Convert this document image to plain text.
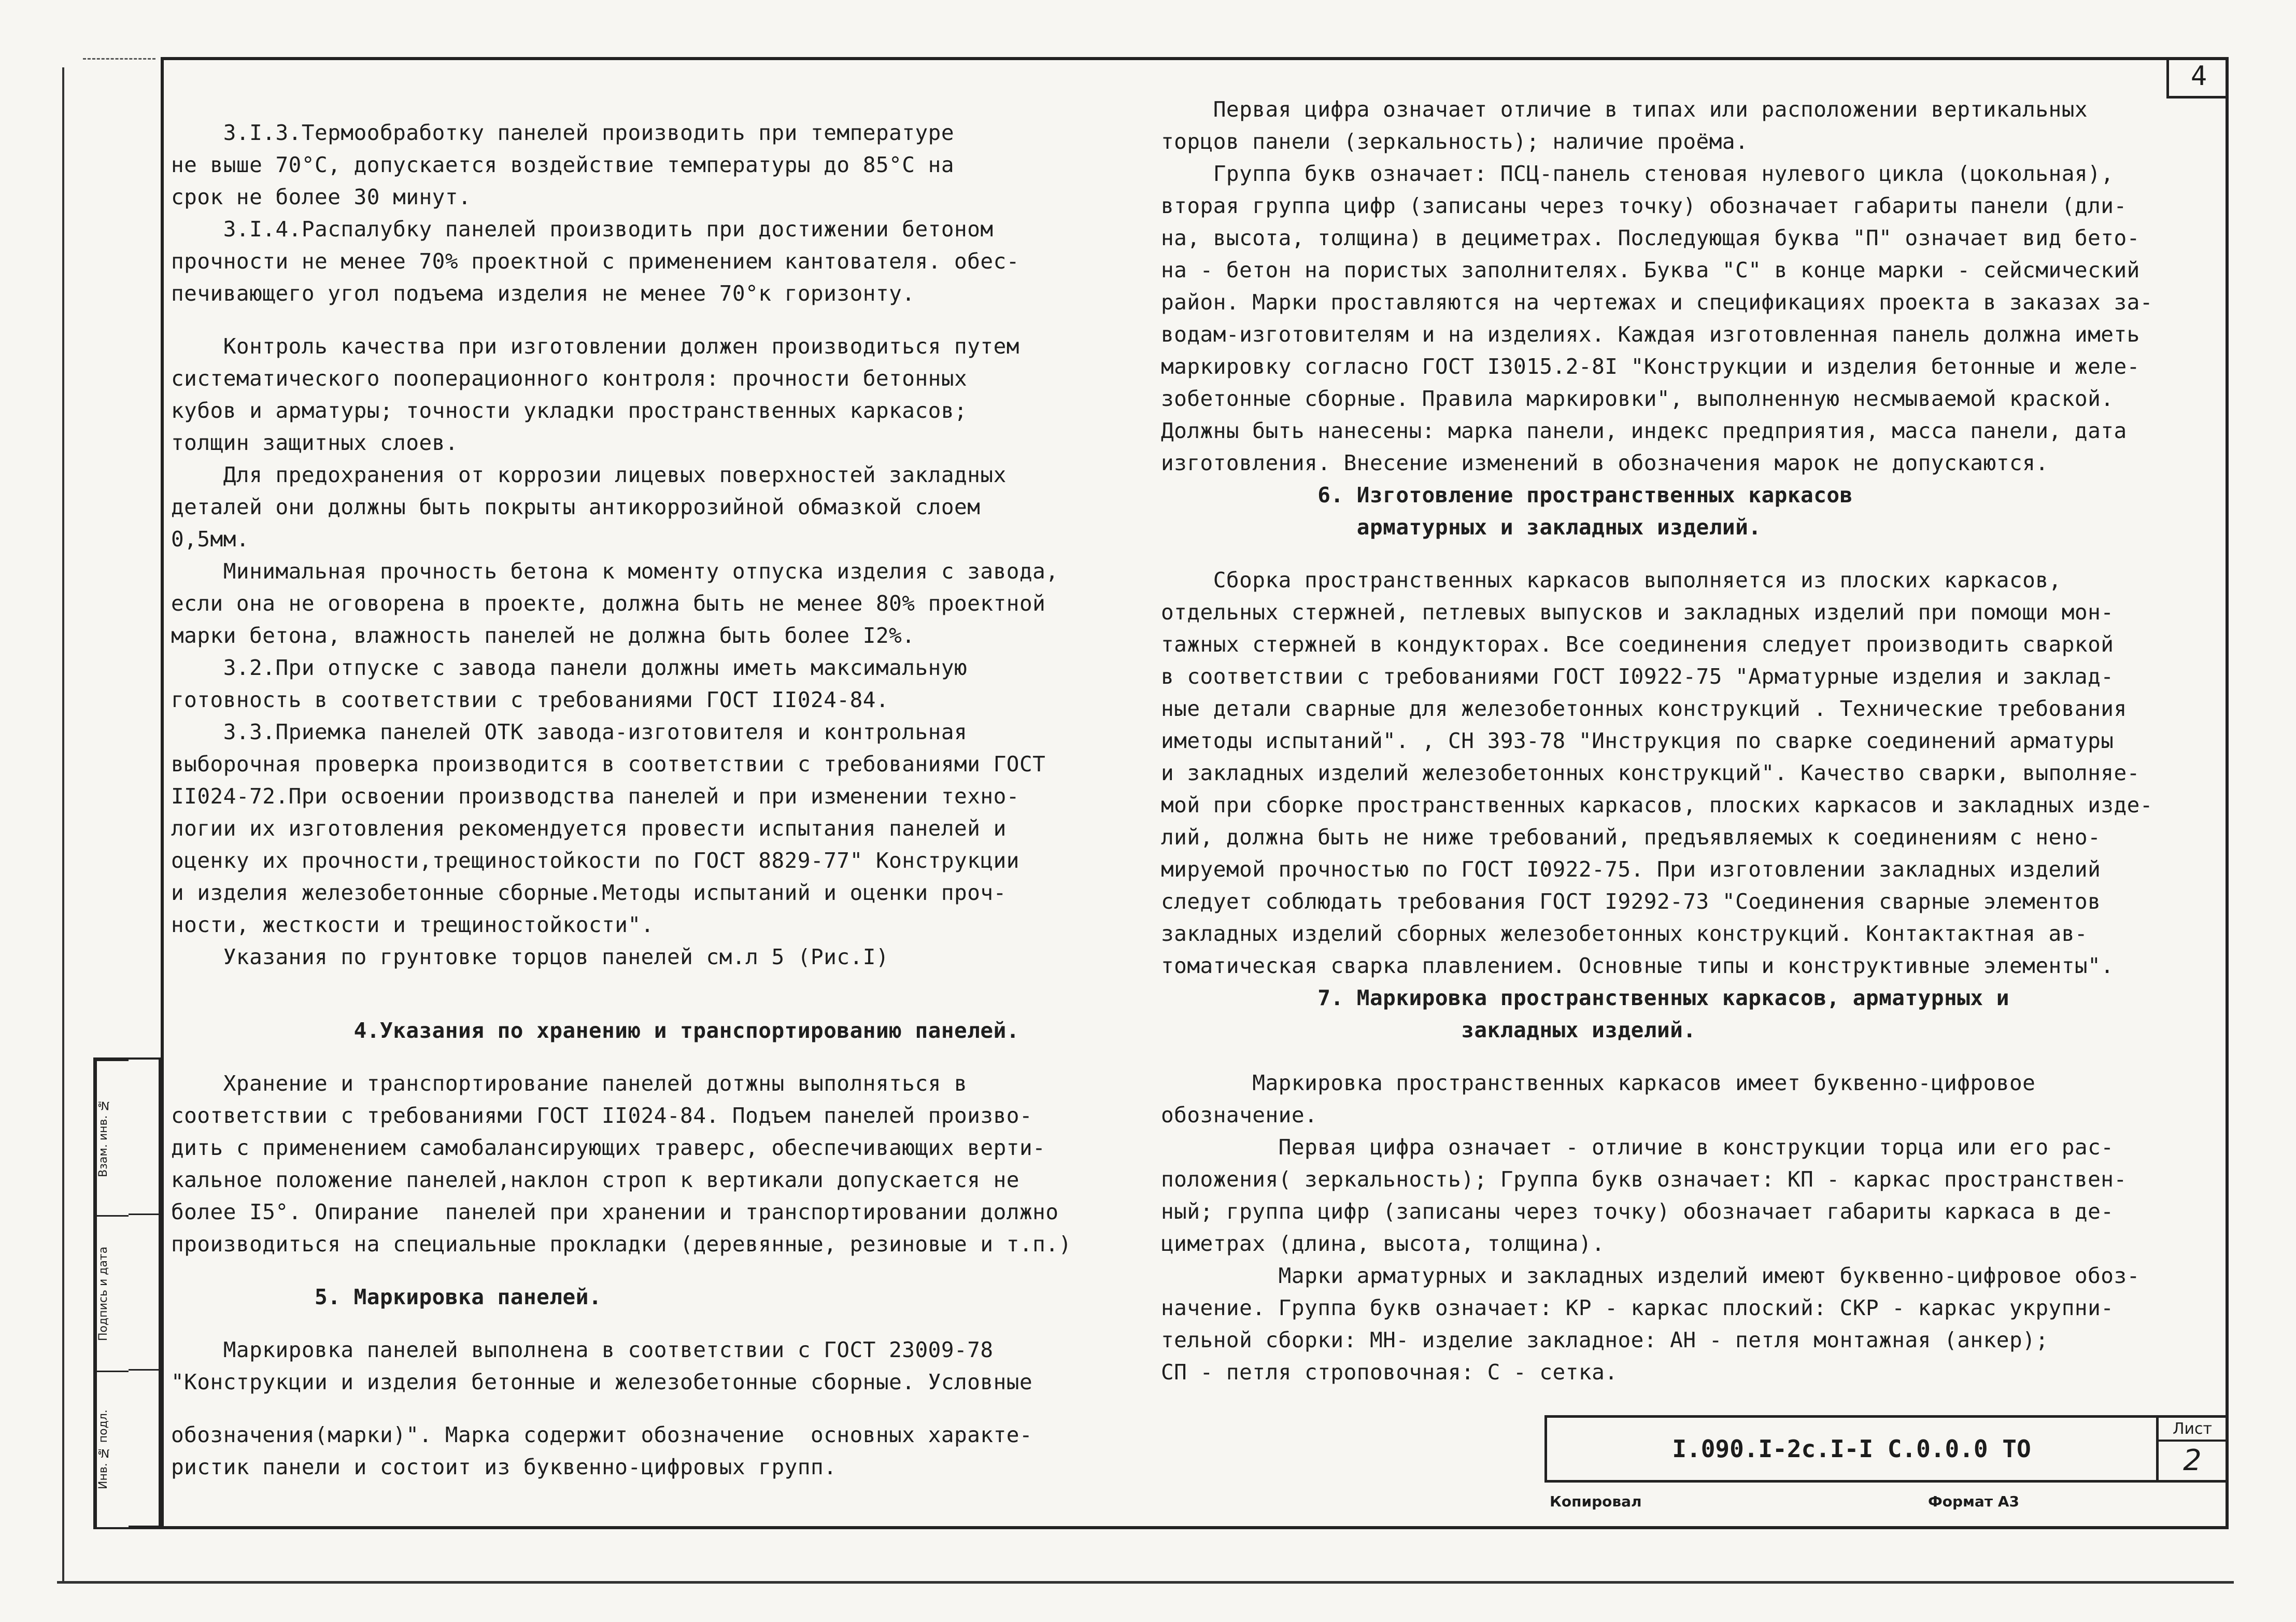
4

3.I.3.Термообработку панелей производить при температуре

не выше 70°С, допускается воздействие температуры до 85°С на

срок не более 30 минут.

3.I.4.Распалубку панелей производить при достижении бетоном

прочности не менее 70% проектной с применением кантователя. обес-

печивающего угол подъема изделия не менее 70°к горизонту.

Контроль качества при изготовлении должен производиться путем

систематического пооперационного контроля: прочности бетонных

кубов и арматуры; точности укладки пространственных каркасов;

толщин защитных слоев.

Для предохранения от коррозии лицевых поверхностей закладных

деталей они должны быть покрыты антикоррозийной обмазкой слоем

0,5мм.

Минимальная прочность бетона к моменту отпуска изделия с завода,

если она не оговорена в проекте, должна быть не менее 80% проектной

марки бетона, влажность панелей не должна быть более I2%.

3.2.При отпуске с завода панели должны иметь максимальную

готовность в соответствии с требованиями ГОСТ II024-84.

3.3.Приемка панелей ОТК завода-изготовителя и контрольная

выборочная проверка производится в соответствии с требованиями ГОСТ

II024-72.При освоении производства панелей и при изменении техно-

логии их изготовления рекомендуется провести испытания панелей и

оценку их прочности,трещиностойкости по ГОСТ 8829-77" Конструкции

и изделия железобетонные сборные.Методы испытаний и оценки проч-

ности, жесткости и трещиностойкости".

Указания по грунтовке торцов панелей см.л 5 (Рис.I)

4.Указания по хранению и транспортированию панелей.

Хранение и транспортирование панелей дотжны выполняться в

соответствии с требованиями ГОСТ II024-84. Подъем панелей произво-

дить с применением самобалансирующих траверс, обеспечивающих верти-

кальное положение панелей,наклон строп к вертикали допускается не

более I5°. Опирание  панелей при хранении и транспортировании должно

производиться на специальные прокладки (деревянные, резиновые и т.п.)

5. Маркировка панелей.

Маркировка панелей выполнена в соответствии с ГОСТ 23009-78

"Конструкции и изделия бетонные и железобетонные сборные. Условные

обозначения(марки)". Марка содержит обозначение  основных характе-

ристик панели и состоит из буквенно-цифровых групп.

Первая цифра означает отличие в типах или расположении вертикальных

торцов панели (зеркальность); наличие проёма.

Группа букв означает: ПСЦ-панель стеновая нулевого цикла (цокольная),

вторая группа цифр (записаны через точку) обозначает габариты панели (дли-

на, высота, толщина) в дециметрах. Последующая буква "П" означает вид бето-

на - бетон на пористых заполнителях. Буква "С" в конце марки - сейсмический

район. Марки проставляются на чертежах и спецификациях проекта в заказах за-

водам-изготовителям и на изделиях. Каждая изготовленная панель должна иметь

маркировку согласно ГОСТ I3015.2-8I "Конструкции и изделия бетонные и желе-

зобетонные сборные. Правила маркировки", выполненную несмываемой краской.

Должны быть нанесены: марка панели, индекс предприятия, масса панели, дата

изготовления. Внесение изменений в обозначения марок не допускаются.

6. Изготовление пространственных каркасов

арматурных и закладных изделий.

Сборка пространственных каркасов выполняется из плоских каркасов,

отдельных стержней, петлевых выпусков и закладных изделий при помощи мон-

тажных стержней в кондукторах. Все соединения следует производить сваркой

в соответствии с требованиями ГОСТ I0922-75 "Арматурные изделия и заклад-

ные детали сварные для железобетонных конструкций . Технические требования

иметоды испытаний". , СН 393-78 "Инструкция по сварке соединений арматуры

и закладных изделий железобетонных конструкций". Качество сварки, выполняе-

мой при сборке пространственных каркасов, плоских каркасов и закладных изде-

лий, должна быть не ниже требований, предъявляемых к соединениям с нено-

мируемой прочностью по ГОСТ I0922-75. При изготовлении закладных изделий

следует соблюдать требования ГОСТ I9292-73 "Соединения сварные элементов

закладных изделий сборных железобетонных конструкций. Контактактная ав-

томатическая сварка плавлением. Основные типы и конструктивные элементы".

7. Маркировка пространственных каркасов, арматурных и

закладных изделий.

Маркировка пространственных каркасов имеет буквенно-цифровое

обозначение.

Первая цифра означает - отличие в конструкции торца или его рас-

положения( зеркальность); Группа букв означает: КП - каркас пространствен-

ный; группа цифр (записаны через точку) обозначает габариты каркаса в де-

циметрах (длина, высота, толщина).

Марки арматурных и закладных изделий имеют буквенно-цифровое обоз-

начение. Группа букв означает: КР - каркас плоский: СКР - каркас укрупни-

тельной сборки: МН- изделие закладное: АН - петля монтажная (анкер);

СП - петля строповочная: С - сетка.

Взам. инв. №
Подпись и дата
Инв. № подл.	I.090.I-2с.I-I С.0.0.0 ТО
Лист
2
Копировал	Формат А3
